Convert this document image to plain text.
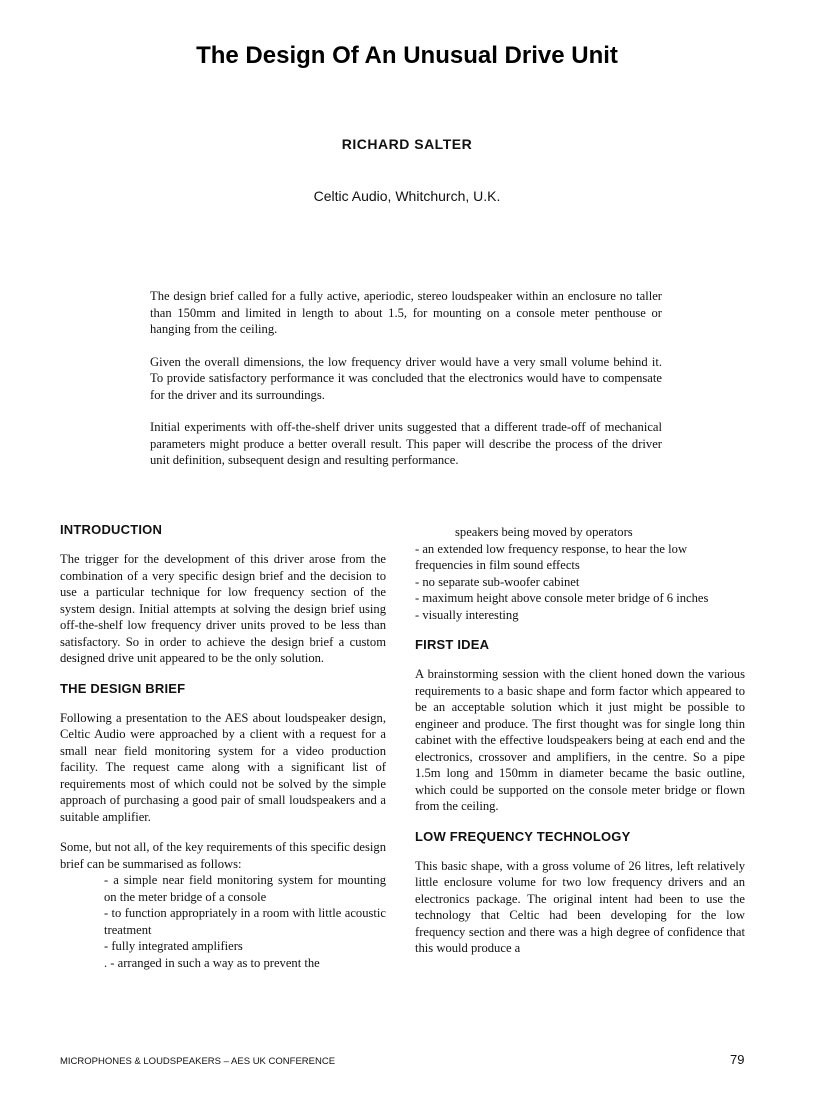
The Design Of An Unusual Drive Unit
RICHARD SALTER
Celtic Audio, Whitchurch, U.K.

The design brief called for a fully active, aperiodic, stereo loudspeaker within an enclosure no taller than 150mm and limited in length to about 1.5, for mounting on a console meter penthouse or hanging from the ceiling.

Given the overall dimensions, the low frequency driver would have a very small volume behind it. To provide satisfactory performance it was concluded that the electronics would have to compensate for the driver and its surroundings.

Initial experiments with off-the-shelf driver units suggested that a different trade-off of mechanical parameters might produce a better overall result. This paper will describe the process of the driver unit definition, subsequent design and resulting performance.

INTRODUCTION
The trigger for the development of this driver arose from the combination of a very specific design brief and the decision to use a particular technique for low frequency section of the system design. Initial attempts at solving the design brief using off-the-shelf low frequency driver units proved to be less than satisfactory. So in order to achieve the design brief a custom designed drive unit appeared to be the only solution.
THE DESIGN BRIEF
Following a presentation to the AES about loudspeaker design, Celtic Audio were approached by a client with a request for a small near field monitoring system for a video production facility. The request came along with a significant list of requirements most of which could not be solved by the simple approach of purchasing a good pair of small loudspeakers and a suitable amplifier.
Some, but not all, of the key requirements of this specific design brief can be summarised as follows:
- a simple near field monitoring system for mounting on the meter bridge of a console
- to function appropriately in a room with little acoustic treatment
- fully integrated amplifiers
. - arranged in such a way as to prevent the
speakers being moved by operators
- an extended low frequency response, to hear the low frequencies in film sound effects
- no separate sub-woofer cabinet
- maximum height above console meter bridge of 6 inches
- visually interesting
FIRST IDEA
A brainstorming session with the client honed down the various requirements to a basic shape and form factor which appeared to be an acceptable solution which it just might be possible to engineer and produce. The first thought was for single long thin cabinet with the effective loudspeakers being at each end and the electronics, crossover and amplifiers, in the centre. So a pipe 1.5m long and 150mm in diameter became the basic outline, which could be supported on the console meter bridge or flown from the ceiling.
LOW FREQUENCY TECHNOLOGY
This basic shape, with a gross volume of 26 litres, left relatively little enclosure volume for two low frequency drivers and an electronics package. The original intent had been to use the technology that Celtic had been developing for the low frequency section and there was a high degree of confidence that this would produce a
MICROPHONES & LOUDSPEAKERS – AES UK CONFERENCE	79
